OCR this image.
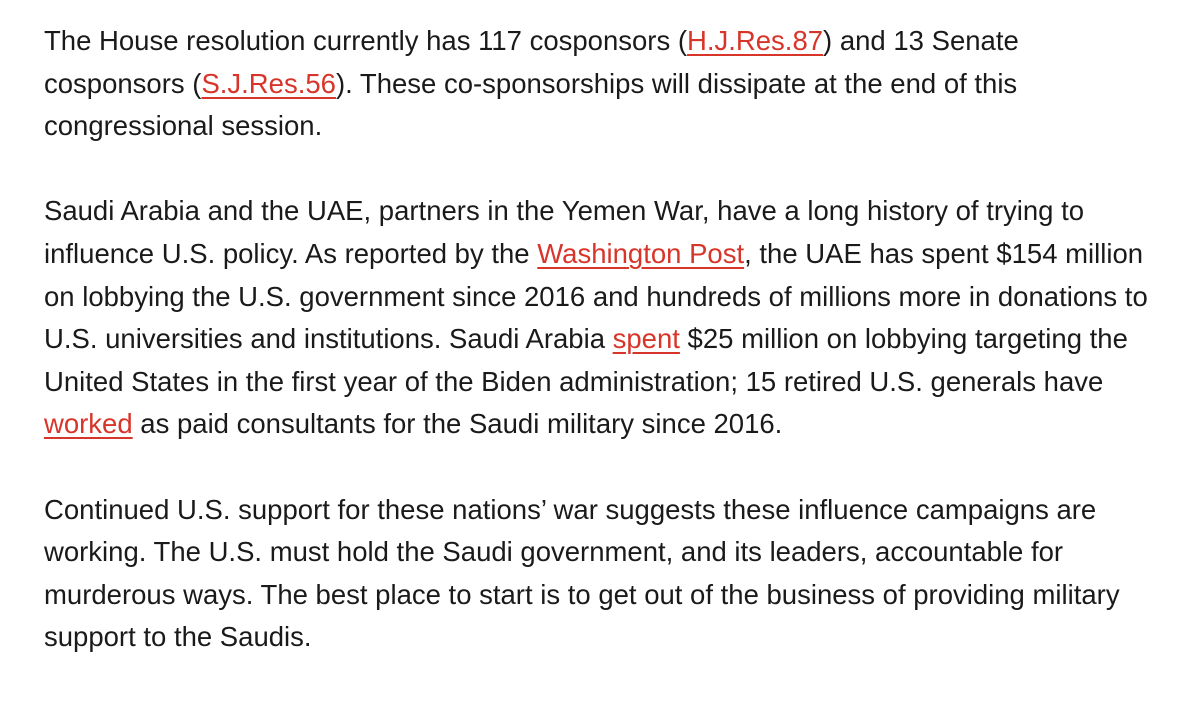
The House resolution currently has 117 cosponsors (H.J.Res.87) and 13 Senate cosponsors (S.J.Res.56). These co-sponsorships will dissipate at the end of this congressional session.

Saudi Arabia and the UAE, partners in the Yemen War, have a long history of trying to influence U.S. policy. As reported by the Washington Post, the UAE has spent $154 million on lobbying the U.S. government since 2016 and hundreds of millions more in donations to U.S. universities and institutions. Saudi Arabia spent $25 million on lobbying targeting the United States in the first year of the Biden administration; 15 retired U.S. generals have worked as paid consultants for the Saudi military since 2016.

Continued U.S. support for these nations’ war suggests these influence campaigns are working. The U.S. must hold the Saudi government, and its leaders, accountable for murderous ways. The best place to start is to get out of the business of providing military support to the Saudis.
